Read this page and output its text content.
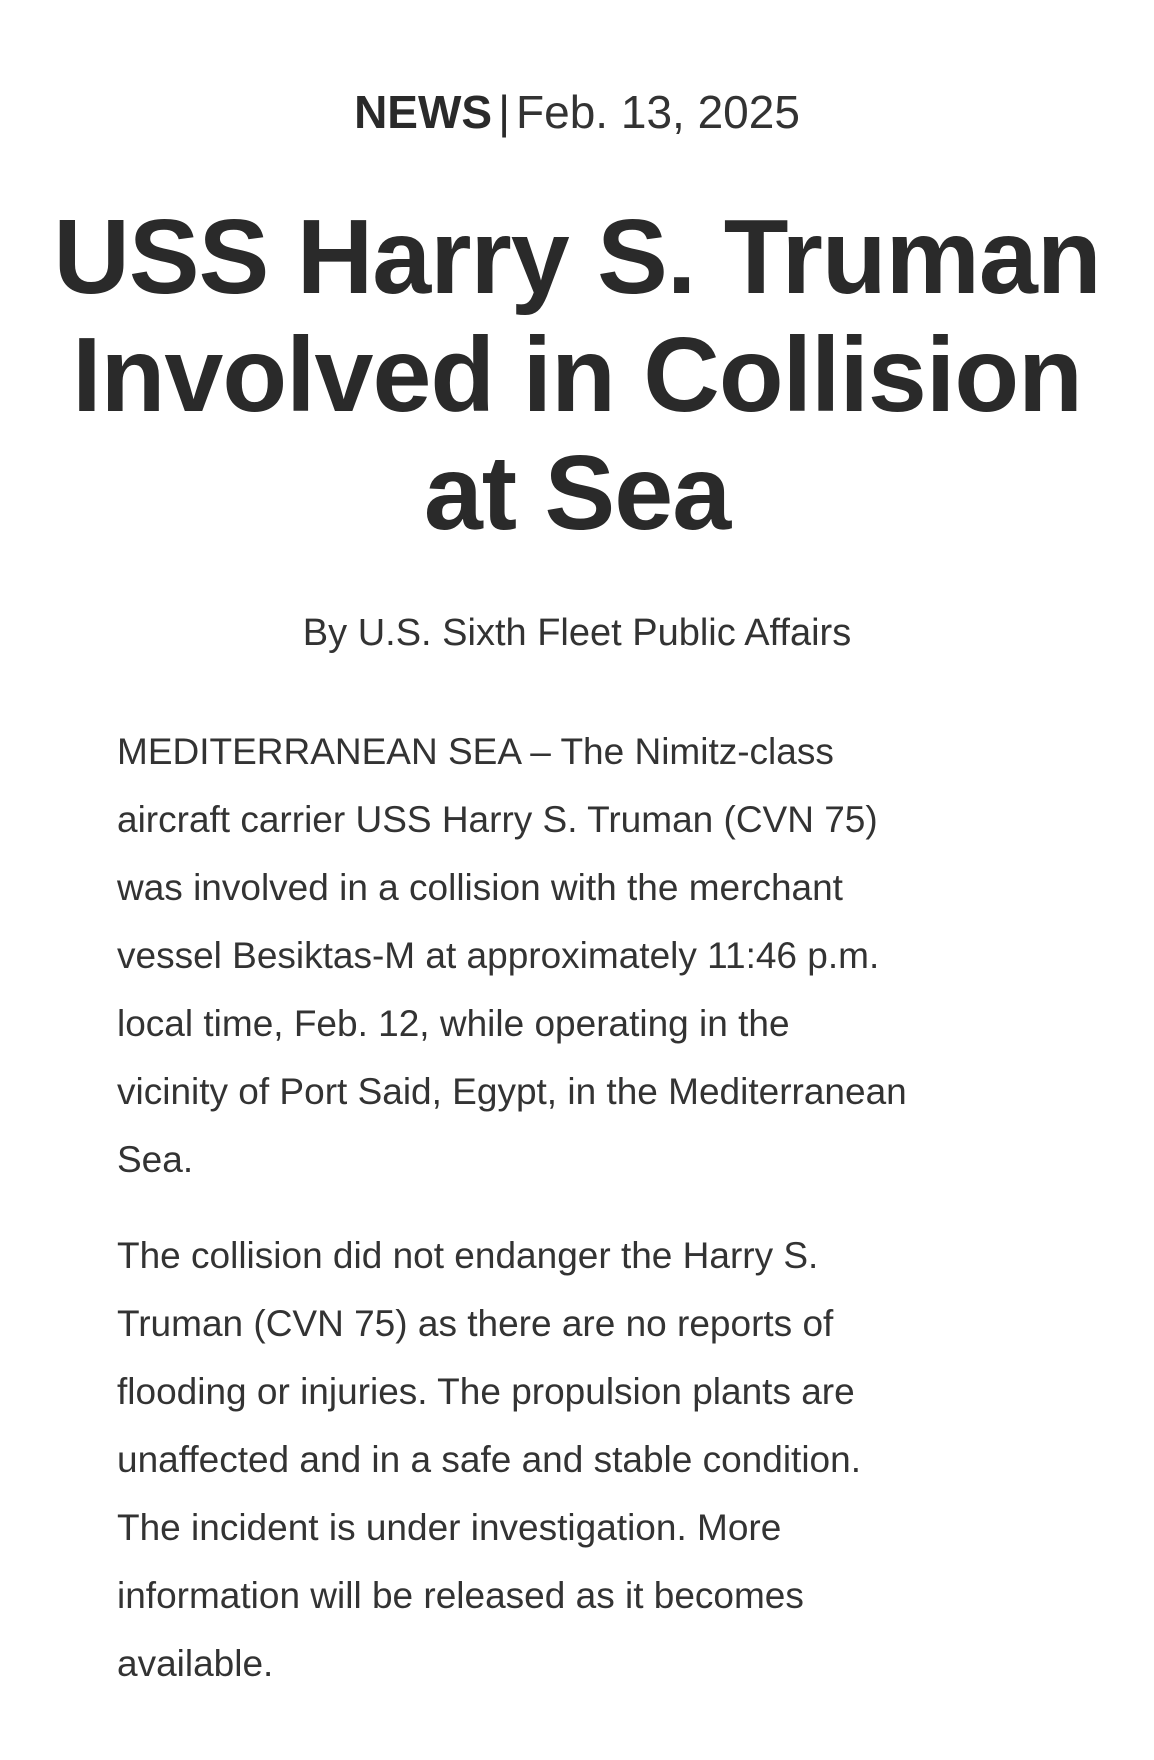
NEWS | Feb. 13, 2025
USS Harry S. Truman
Involved in Collision
at Sea
By U.S. Sixth Fleet Public Affairs
MEDITERRANEAN SEA – The Nimitz-class
aircraft carrier USS Harry S. Truman (CVN 75)
was involved in a collision with the merchant
vessel Besiktas-M at approximately 11:46 p.m.
local time, Feb. 12, while operating in the
vicinity of Port Said, Egypt, in the Mediterranean
Sea.
The collision did not endanger the Harry S.
Truman (CVN 75) as there are no reports of
flooding or injuries. The propulsion plants are
unaffected and in a safe and stable condition.
The incident is under investigation. More
information will be released as it becomes
available.
